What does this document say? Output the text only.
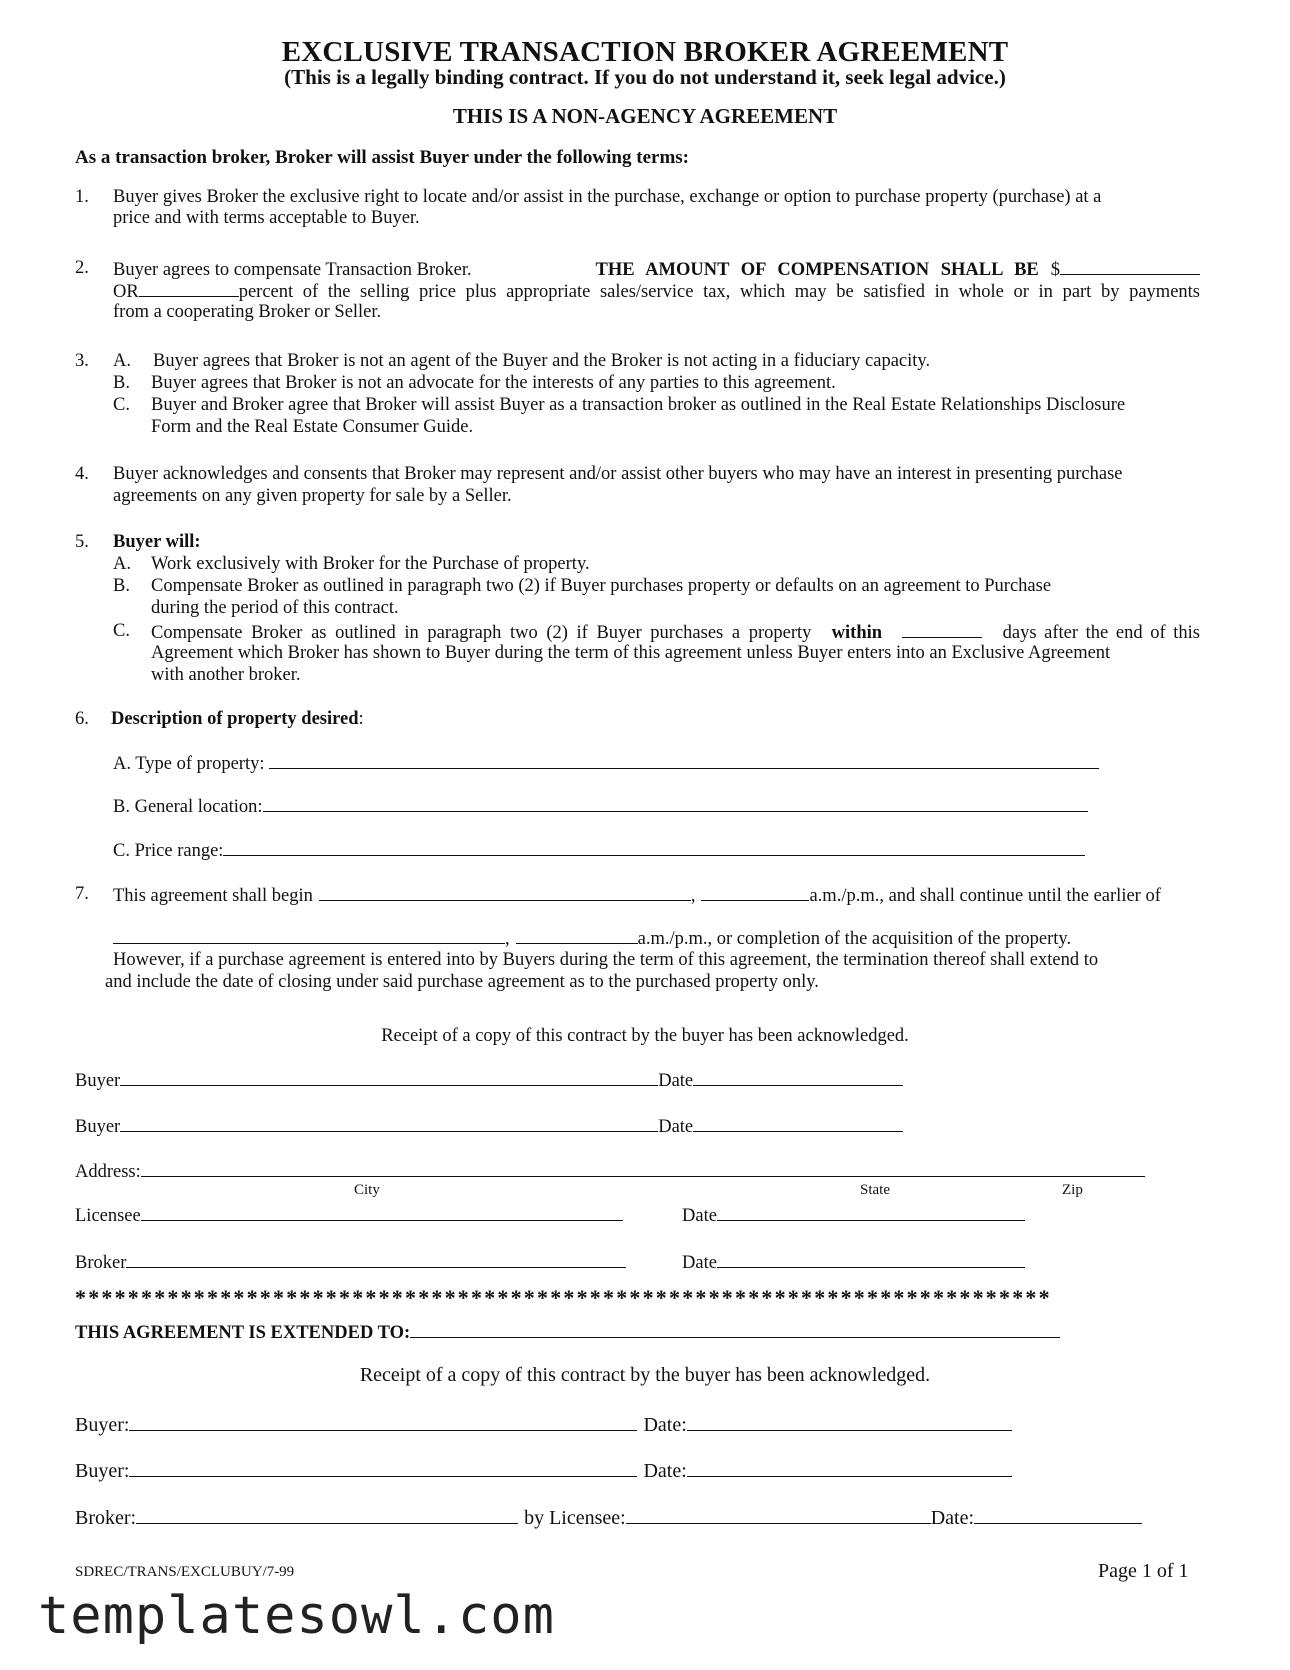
EXCLUSIVE TRANSACTION BROKER AGREEMENT
(This is a legally binding contract. If you do not understand it, seek legal advice.)
THIS IS A NON-AGENCY AGREEMENT
As a transaction broker, Broker will assist Buyer under the following terms:
1. Buyer gives Broker the exclusive right to locate and/or assist in the purchase, exchange or option to purchase property (purchase) at a
price and with terms acceptable to Buyer.
2. Buyer agrees to compensate Transaction Broker.	THE AMOUNT OF COMPENSATION SHALL BE $
OR	percent of the selling price plus appropriate sales/service tax, which may be satisfied in whole or in part by payments
from a cooperating Broker or Seller.
3. A. Buyer agrees that Broker is not an agent of the Buyer and the Broker is not acting in a fiduciary capacity.
B. Buyer agrees that Broker is not an advocate for the interests of any parties to this agreement.
C. Buyer and Broker agree that Broker will assist Buyer as a transaction broker as outlined in the Real Estate Relationships Disclosure
Form and the Real Estate Consumer Guide.
4. Buyer acknowledges and consents that Broker may represent and/or assist other buyers who may have an interest in presenting purchase
agreements on any given property for sale by a Seller.
5. Buyer will:
A. Work exclusively with Broker for the Purchase of property.
B. Compensate Broker as outlined in paragraph two (2) if Buyer purchases property or defaults on an agreement to Purchase
during the period of this contract.
C. Compensate Broker as outlined in paragraph two (2) if Buyer purchases a property within	days after the end of this
Agreement which Broker has shown to Buyer during the term of this agreement unless Buyer enters into an Exclusive Agreement
with another broker.
6. Description of property desired:
A. Type of property:
B. General location:
C. Price range:
7. This agreement shall begin	,	a.m./p.m., and shall continue until the earlier of
,	a.m./p.m., or completion of the acquisition of the property.
However, if a purchase agreement is entered into by Buyers during the term of this agreement, the termination thereof shall extend to
and include the date of closing under said purchase agreement as to the purchased property only.
Receipt of a copy of this contract by the buyer has been acknowledged.
Buyer	Date
Buyer	Date
Address:
City	State	Zip
Licensee	Date
Broker	Date
**************************************************************************
THIS AGREEMENT IS EXTENDED TO:
Receipt of a copy of this contract by the buyer has been acknowledged.
Buyer:	Date:
Buyer:	Date:
Broker:	by Licensee:	Date:
SDREC/TRANS/EXCLUBUY/7-99	Page 1 of 1
templatesowl.com
